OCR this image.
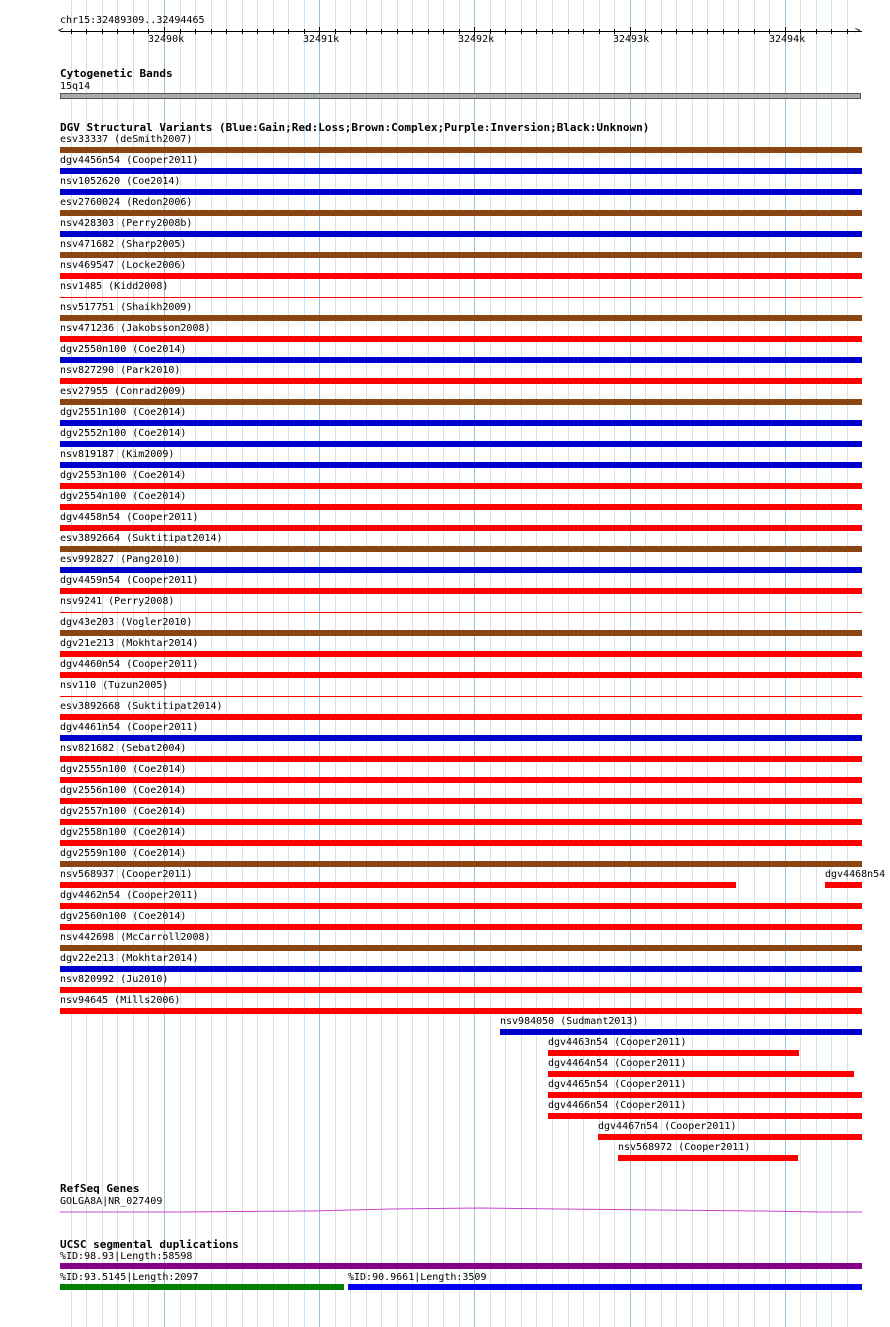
chr15:32489309..32494465
<	>
32490k	32491k	32492k	32493k	32494k
Cytogenetic Bands
15q14
DGV Structural Variants (Blue:Gain;Red:Loss;Brown:Complex;Purple:Inversion;Black:Unknown)
esv33337 (deSmith2007)
dgv4456n54 (Cooper2011)
nsv1052620 (Coe2014)
esv2760024 (Redon2006)
nsv428303 (Perry2008b)
nsv471682 (Sharp2005)
nsv469547 (Locke2006)
nsv1485 (Kidd2008)
nsv517751 (Shaikh2009)
nsv471236 (Jakobsson2008)
dgv2550n100 (Coe2014)
nsv827290 (Park2010)
esv27955 (Conrad2009)
dgv2551n100 (Coe2014)
dgv2552n100 (Coe2014)
nsv819187 (Kim2009)
dgv2553n100 (Coe2014)
dgv2554n100 (Coe2014)
dgv4458n54 (Cooper2011)
esv3892664 (Suktitipat2014)
esv992827 (Pang2010)
dgv4459n54 (Cooper2011)
nsv9241 (Perry2008)
dgv43e203 (Vogler2010)
dgv21e213 (Mokhtar2014)
dgv4460n54 (Cooper2011)
nsv110 (Tuzun2005)
esv3892668 (Suktitipat2014)
dgv4461n54 (Cooper2011)
nsv821682 (Sebat2004)
dgv2555n100 (Coe2014)
dgv2556n100 (Coe2014)
dgv2557n100 (Coe2014)
dgv2558n100 (Coe2014)
dgv2559n100 (Coe2014)
nsv568937 (Cooper2011)
dgv4462n54 (Cooper2011)
dgv2560n100 (Coe2014)
nsv442698 (McCarroll2008)
dgv22e213 (Mokhtar2014)
nsv820992 (Ju2010)
nsv94645 (Mills2006)
nsv984050 (Sudmant2013)
dgv4463n54 (Cooper2011)
dgv4464n54 (Cooper2011)
dgv4465n54 (Cooper2011)
dgv4466n54 (Cooper2011)
dgv4467n54 (Cooper2011)
nsv568972 (Cooper2011)
dgv4468n54
RefSeq Genes
GOLGA8A|NR_027409
UCSC segmental duplications
%ID:98.93|Length:58598
%ID:93.5145|Length:2097	%ID:90.9661|Length:3509
